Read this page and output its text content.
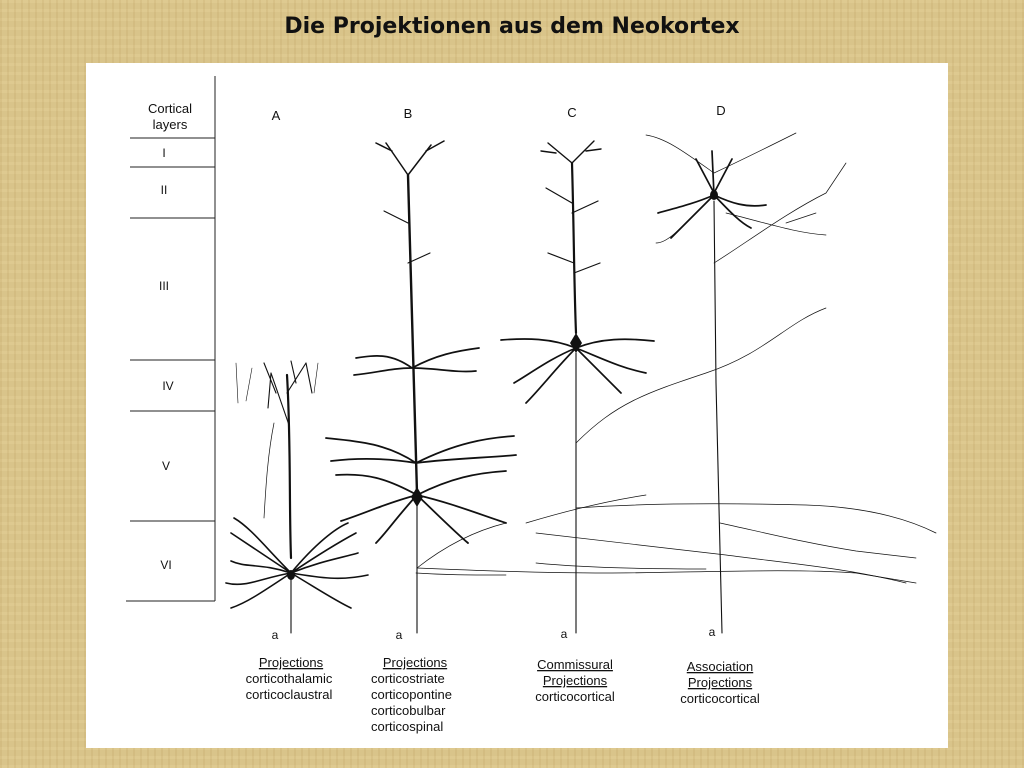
Die Projektionen aus dem Neokortex
Cortical
layers
I
II
III
IV
V
VI
A	B	C	D
a	a	a	a
Projections
corticothalamic
corticoclaustral
Projections
corticostriate
corticopontine
corticobulbar
corticospinal
Commissural
Projections
corticocortical
Association
Projections
corticocortical
